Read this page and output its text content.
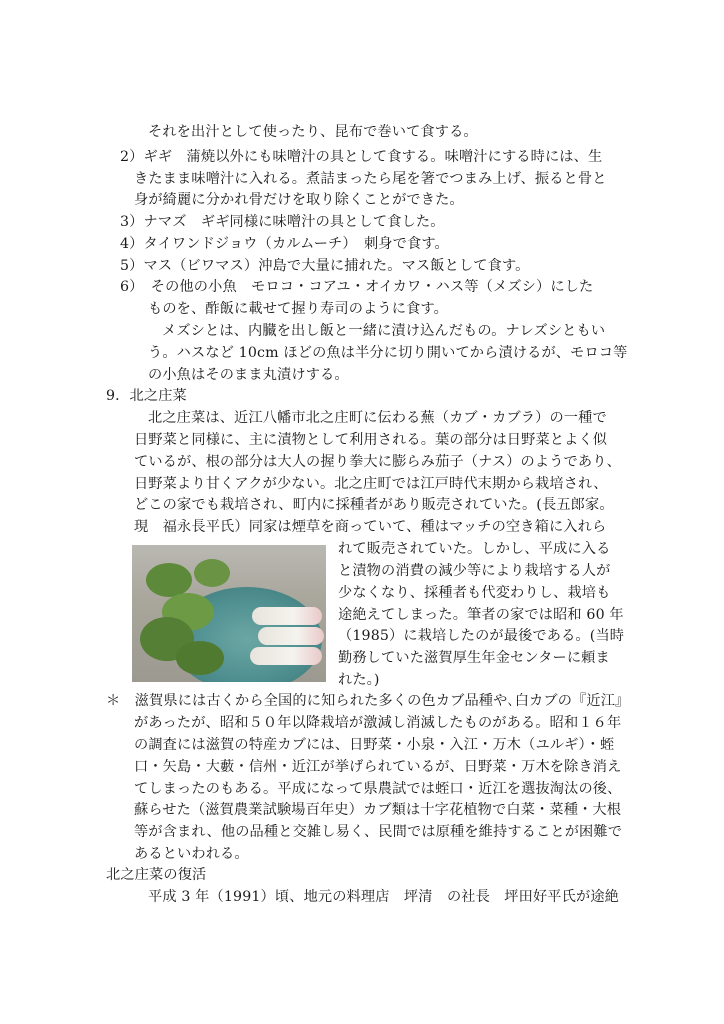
それを出汁として使ったり、昆布で巻いて食する。
2）ギギ　蒲焼以外にも味噌汁の具として食する。味噌汁にする時には、生
きたまま味噌汁に入れる。煮詰まったら尾を箸でつまみ上げ、振ると骨と
身が綺麗に分かれ骨だけを取り除くことができた。
3）ナマズ　ギギ同様に味噌汁の具として食した。
4）タイワンドジョウ（カルムーチ）　刺身で食す。
5）マス（ビワマス）沖島で大量に捕れた。マス飯として食す。
6）　その他の小魚　モロコ・コアユ・オイカワ・ハス等（メズシ）にした
ものを、酢飯に載せて握り寿司のように食す。
メズシとは、内臓を出し飯と一緒に漬け込んだもの。ナレズシともい
う。ハスなど 10cm ほどの魚は半分に切り開いてから漬けるが、モロコ等
の小魚はそのまま丸漬けする。
9．北之庄菜
北之庄菜は、近江八幡市北之庄町に伝わる蕪（カブ・カブラ）の一種で
日野菜と同様に、主に漬物として利用される。葉の部分は日野菜とよく似
ているが、根の部分は大人の握り拳大に膨らみ茄子（ナス）のようであり、
日野菜より甘くアクが少ない。北之庄町では江戸時代末期から栽培され、
どこの家でも栽培され、町内に採種者があり販売されていた。(長五郎家。
現　福永長平氏）同家は煙草を商っていて、種はマッチの空き箱に入れら
れて販売されていた。しかし、平成に入る
と漬物の消費の減少等により栽培する人が
少なくなり、採種者も代変わりし、栽培も
途絶えてしまった。筆者の家では昭和 60 年
（1985）に栽培したのが最後である。(当時
勤務していた滋賀厚生年金センターに頼ま
れた。)
＊　滋賀県には古くから全国的に知られた多くの色カブ品種や､白カブの『近江』
があったが、昭和５０年以降栽培が激減し消滅したものがある。昭和１６年
の調査には滋賀の特産カブには、日野菜・小泉・入江・万木（ユルギ）・蛭
口・矢島・大藪・信州・近江が挙げられているが、日野菜・万木を除き消え
てしまったのもある。平成になって県農試では蛭口・近江を選抜淘汰の後、
蘇らせた（滋賀農業試験場百年史）カブ類は十字花植物で白菜・菜種・大根
等が含まれ、他の品種と交雑し易く、民間では原種を維持することが困難で
あるといわれる。
北之庄菜の復活
平成 3 年（1991）頃、地元の料理店　坪清　の社長　坪田好平氏が途絶
